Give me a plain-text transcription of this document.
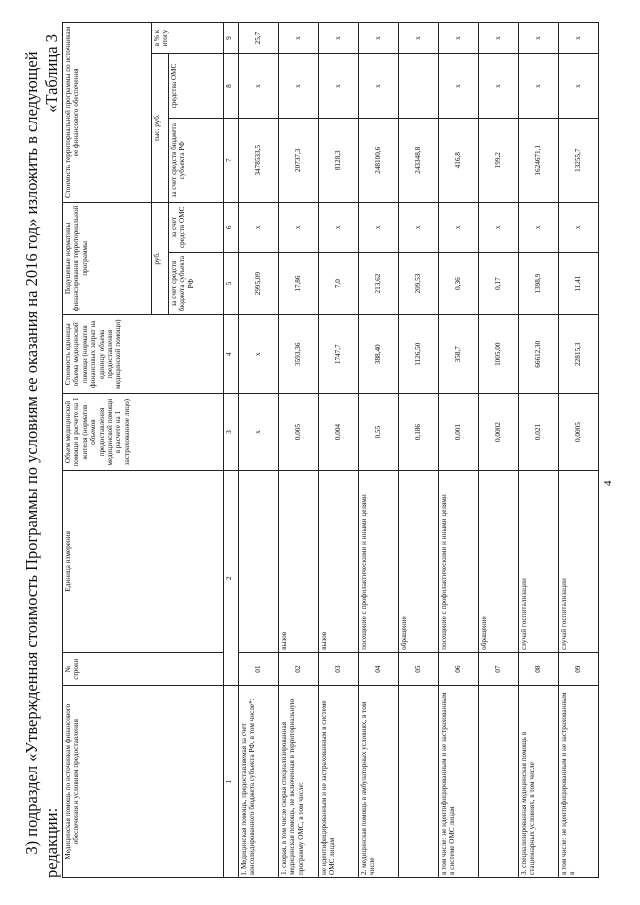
3) подраздел «Утвержденная стоимость Программы по условиям ее оказания на 2016 год» изложить в следующей редакции:
«Таблица 3
Медицинская помощь по источникам финансового обеспечения и условиям предоставления	№ строки	Единица измерения	Объем медицинской помощи в расчете на 1 жителя (норматив объемов предоставления медицинской помощи в расчете на 1 застрахованное лицо)	Стоимость единицы объема медицинской помощи (норматив финансовых затрат на единицу объема предоставления медицинской помощи)	Подушевые нормативы финансирования территориальной программы		Стоимость территориальной программы по источникам ее финансового обеспечения		
					руб.		тыс. руб.		в % к итогу
					за счет средств бюджета субъекта РФ	за счет средств ОМС	за счет средств бюджета субъекта РФ	средства ОМС	
1	2		3	4	5	6	7	8	9
I. Медицинская помощь, предоставляемая за счет консолидированного бюджета субъекта РФ, в том числе*:	01		х	х	2995,09	х	3478533,5	х	25,7
1. скорая, в том числе скорая специализированная медицинская помощь, не включенная в территориальную программу ОМС, в том числе:	02	вызов	0,005	3593,36	17,86	х	20737,3	х	х
не идентифицированным и не застрахованным в системе ОМС лицам	03	вызов	0,004	1747,7	7,0	х	8128,3	х	х
2. медицинская помощь в амбулаторных условиях, в том числе	04	посещение с профилактическими и иными целями	0,55	388,40	213,62	х	248100,6	х	х
	05	обращение	0,186	1126,50	209,53	х	243348,8		х
в том числе: не идентифицированным и не застрахованным в системе ОМС лицам	06	посещение с профилактическими и иными целями	0,001	358,7	0,36	х	416,8	х	х
	07	обращение	0,0002	1005,00	0,17	х	199,2	х	х
3. специализированная медицинская помощь в стационарных условиях, в том числе	08	случай госпитализации	0,021	66612,30	1398,9	х	1624671,1	х	х
в том числе: не идентифицированным и не застрахованным в	09	случай госпитализации	0,0005	22815,3	11,41	х	13255,7	х	х
4
